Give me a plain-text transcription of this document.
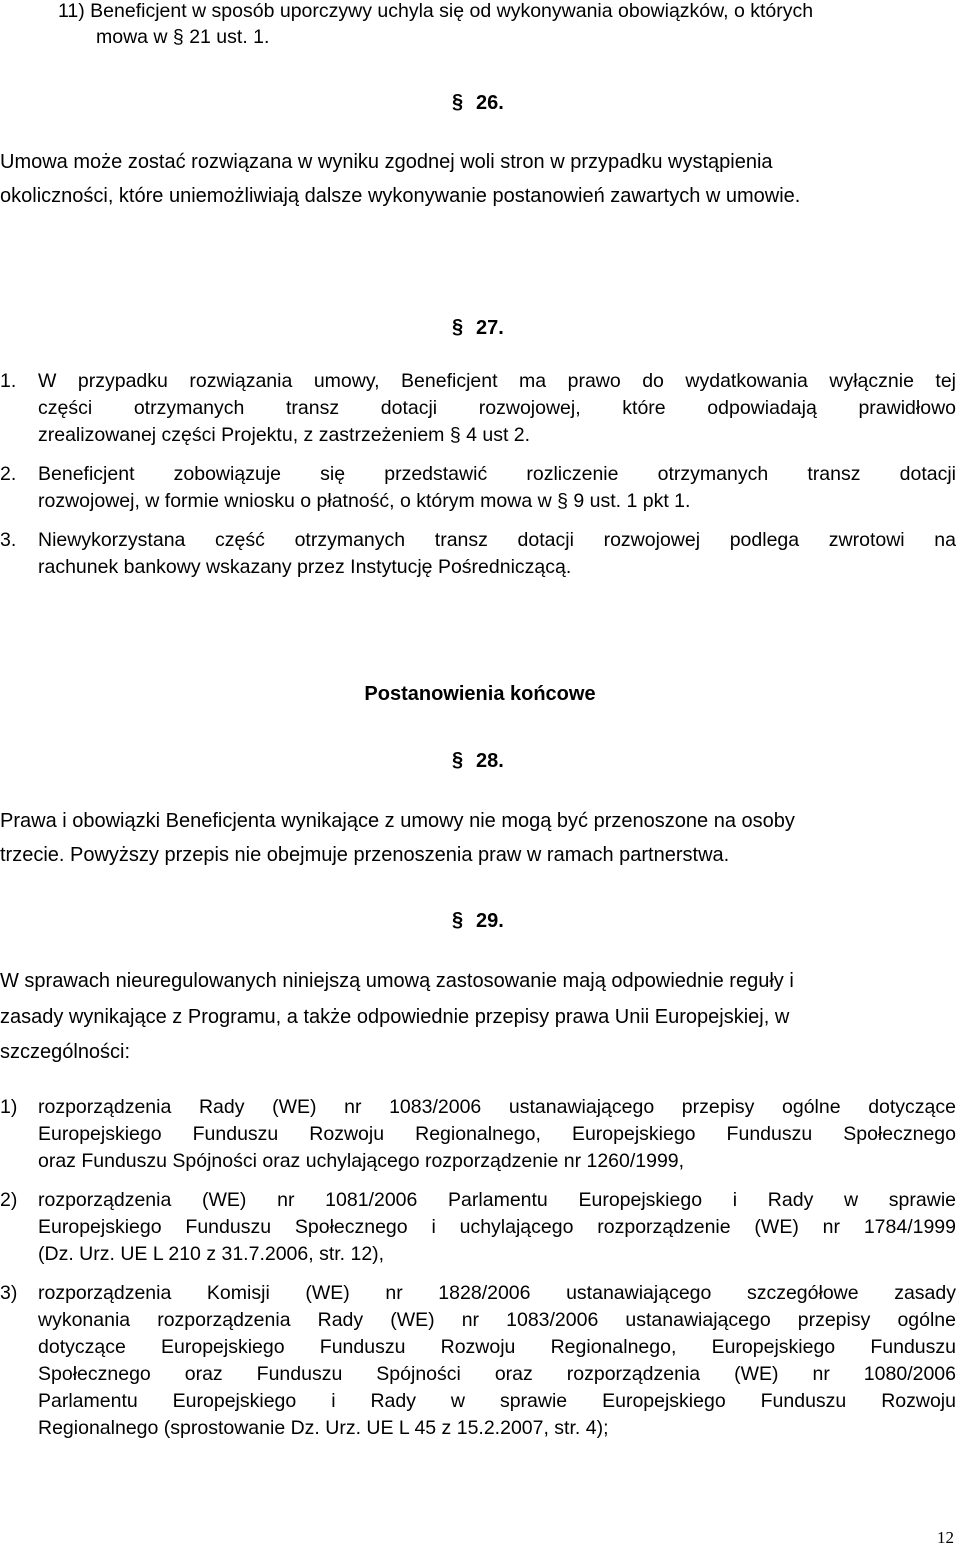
11) Beneficjent w sposób uporczywy uchyla się od wykonywania obowiązków, o których
mowa w § 21 ust. 1.
§ 26.
Umowa może zostać rozwiązana w wyniku zgodnej woli stron w przypadku wystąpienia
okoliczności, które uniemożliwiają dalsze wykonywanie postanowień zawartych w umowie.
§ 27.
1. W przypadku rozwiązania umowy, Beneficjent ma prawo do wydatkowania wyłącznie tej
części otrzymanych transz dotacji rozwojowej, które odpowiadają prawidłowo
zrealizowanej części Projektu, z zastrzeżeniem § 4 ust 2.
2. Beneficjent zobowiązuje się przedstawić rozliczenie otrzymanych transz dotacji
rozwojowej, w formie wniosku o płatność, o którym mowa w § 9 ust. 1 pkt 1.
3. Niewykorzystana część otrzymanych transz dotacji rozwojowej podlega zwrotowi na
rachunek bankowy wskazany przez Instytucję Pośredniczącą.
Postanowienia końcowe
§ 28.
Prawa i obowiązki Beneficjenta wynikające z umowy nie mogą być przenoszone na osoby
trzecie. Powyższy przepis nie obejmuje przenoszenia praw w ramach partnerstwa.
§ 29.
W sprawach nieuregulowanych niniejszą umową zastosowanie mają odpowiednie reguły i
zasady wynikające z Programu, a także odpowiednie przepisy prawa Unii Europejskiej, w
szczególności:
1) rozporządzenia Rady (WE) nr 1083/2006 ustanawiającego przepisy ogólne dotyczące
Europejskiego Funduszu Rozwoju Regionalnego, Europejskiego Funduszu Społecznego
oraz Funduszu Spójności oraz uchylającego rozporządzenie nr 1260/1999,
2) rozporządzenia (WE) nr 1081/2006 Parlamentu Europejskiego i Rady w sprawie
Europejskiego Funduszu Społecznego i uchylającego rozporządzenie (WE) nr 1784/1999
(Dz. Urz. UE L 210 z 31.7.2006, str. 12),
3) rozporządzenia Komisji (WE) nr 1828/2006 ustanawiającego szczegółowe zasady
wykonania rozporządzenia Rady (WE) nr 1083/2006 ustanawiającego przepisy ogólne
dotyczące Europejskiego Funduszu Rozwoju Regionalnego, Europejskiego Funduszu
Społecznego oraz Funduszu Spójności oraz rozporządzenia (WE) nr 1080/2006
Parlamentu Europejskiego i Rady w sprawie Europejskiego Funduszu Rozwoju
Regionalnego (sprostowanie Dz. Urz. UE L 45 z 15.2.2007, str. 4);
12
